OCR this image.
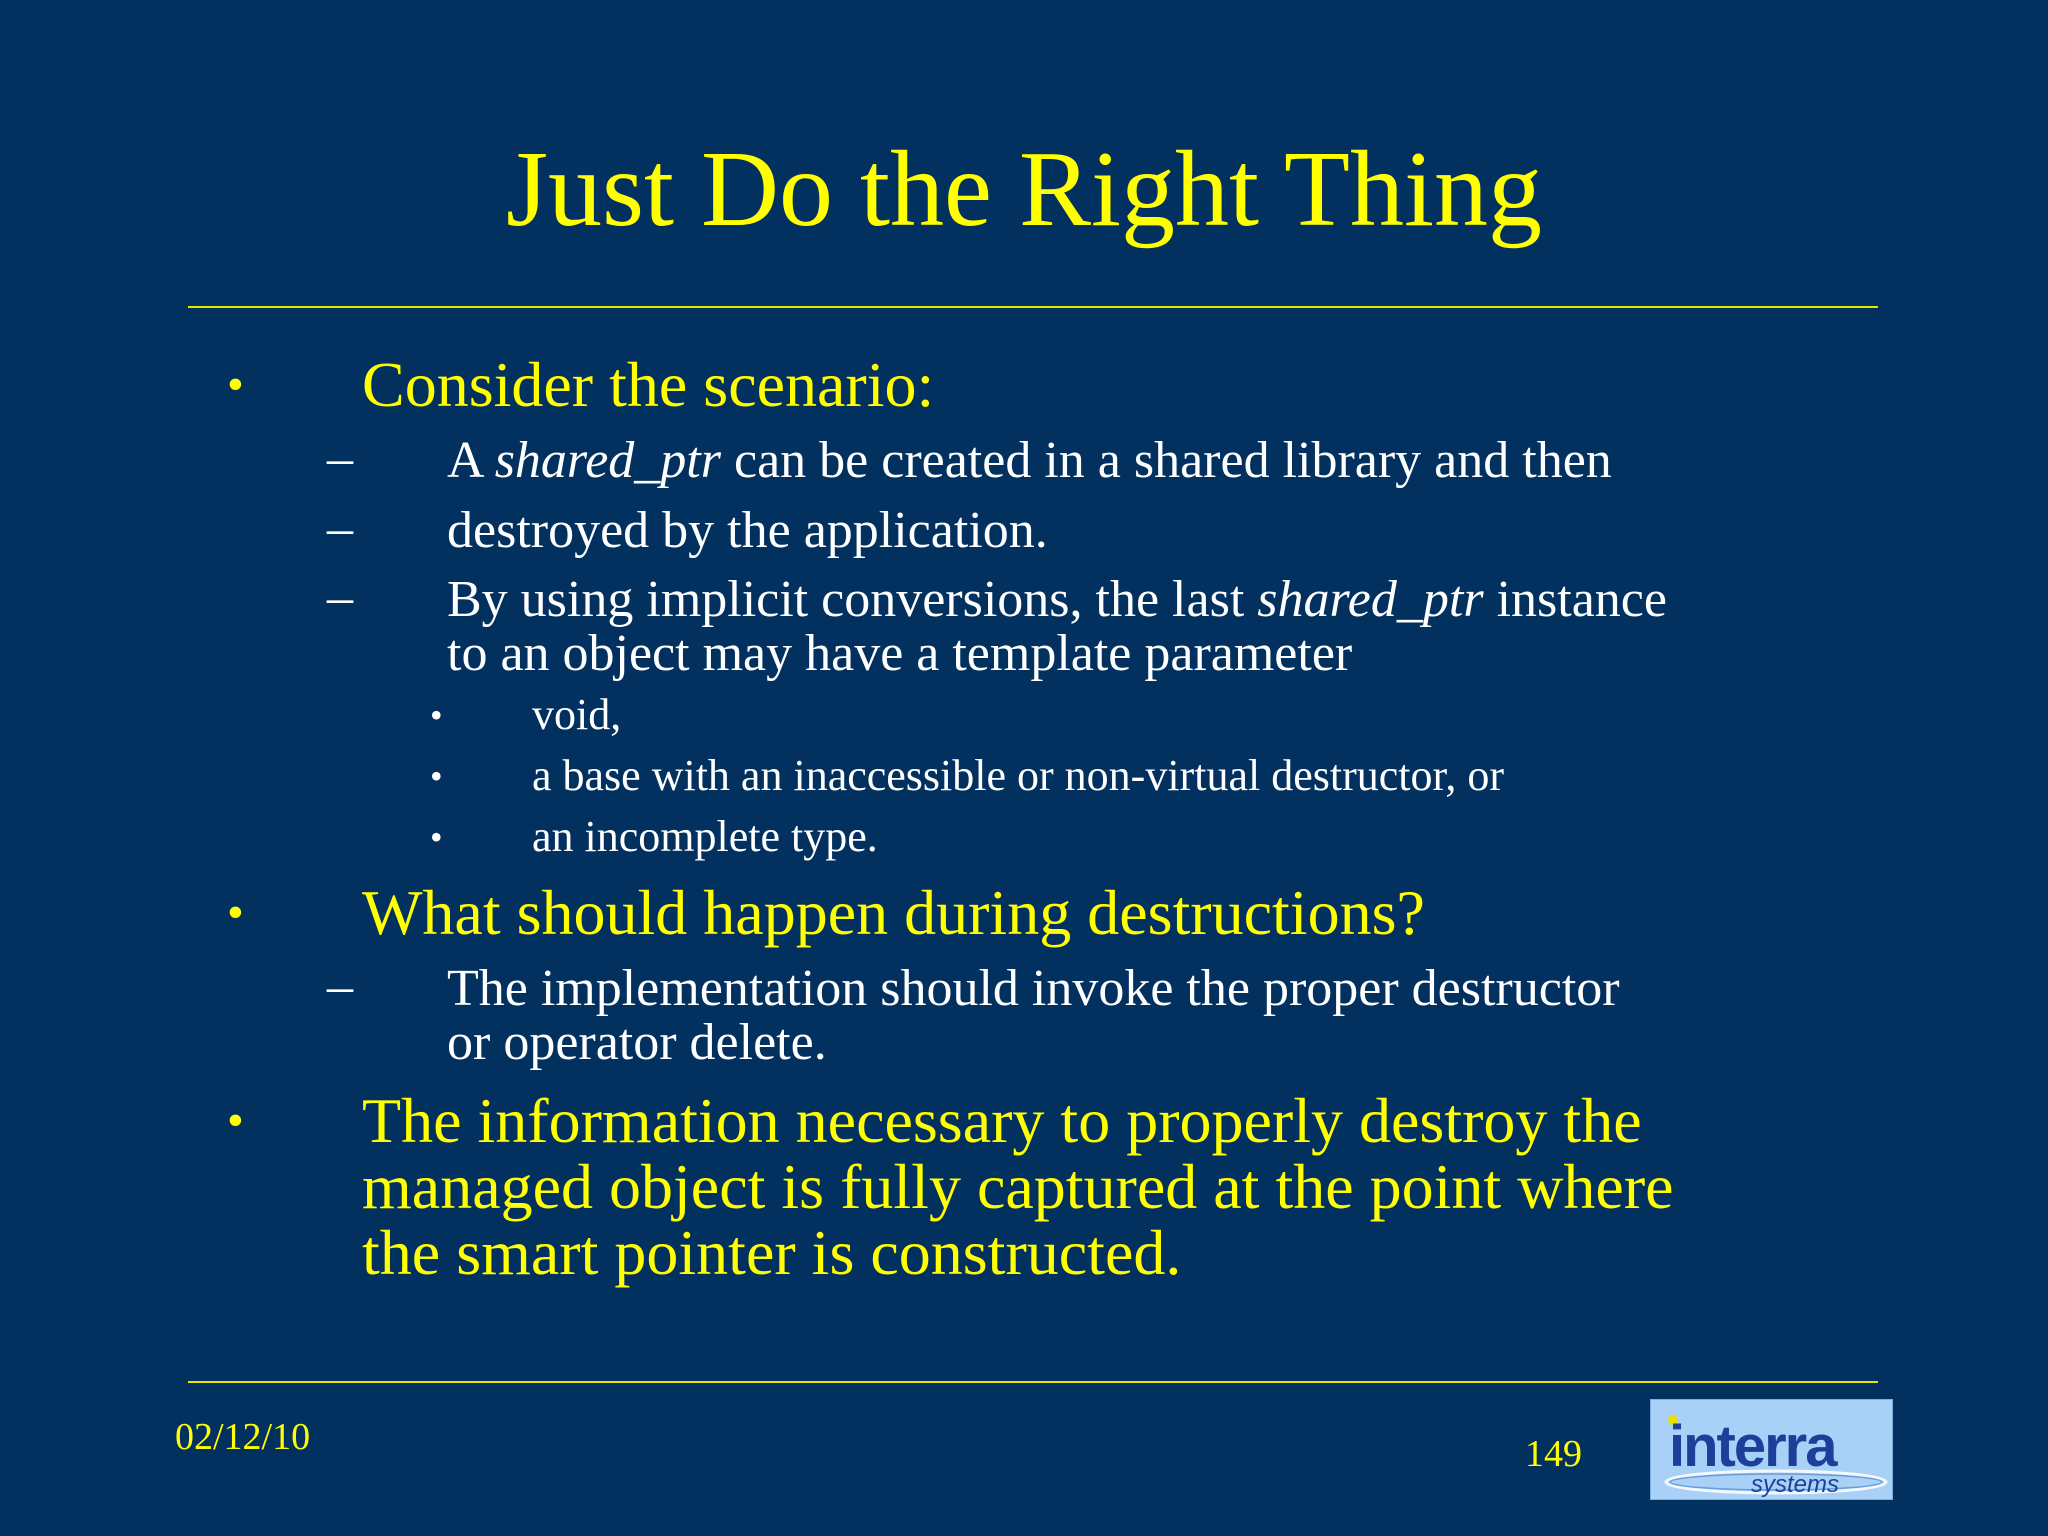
Just Do the Right Thing
• Consider the scenario:
– A shared_ptr can be created in a shared library and then
– destroyed by the application.
– By using implicit conversions, the last shared_ptr instance
to an object may have a template parameter
• void,
• a base with an inaccessible or non-virtual destructor, or
• an incomplete type.
• What should happen during destructions?
– The implementation should invoke the proper destructor
or operator delete.
• The information necessary to properly destroy the
managed object is fully captured at the point where
the smart pointer is constructed.
02/12/10	149 interra
systems
